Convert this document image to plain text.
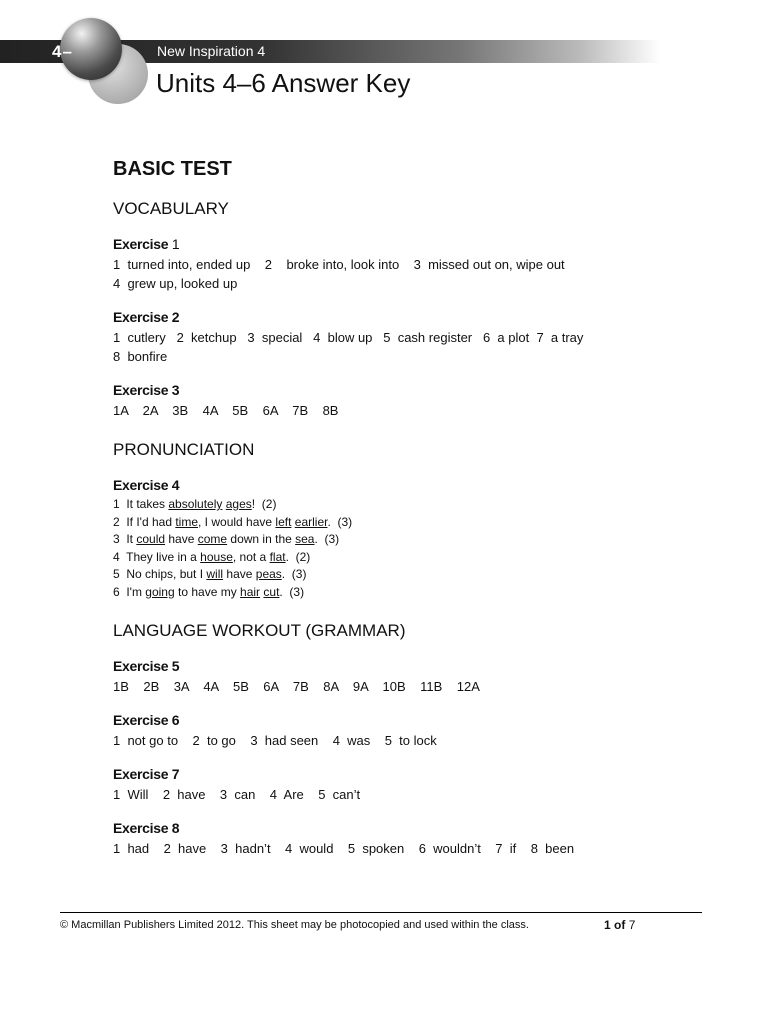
4–	New Inspiration 4
Units 4–6 Answer Key
BASIC TEST
VOCABULARY
Exercise 1
1  turned into, ended up    2    broke into, look into    3  missed out on, wipe out
4  grew up, looked up
Exercise 2
1  cutlery   2  ketchup   3  special   4  blow up   5  cash register   6  a plot  7  a tray
8  bonfire
Exercise 3
1A    2A    3B    4A    5B    6A    7B    8B
PRONUNCIATION
Exercise 4
1  It takes absolutely ages!  (2)
2  If I'd had time, I would have left earlier.  (3)
3  It could have come down in the sea.  (3)
4  They live in a house, not a flat.  (2)
5  No chips, but I will have peas.  (3)
6  I'm going to have my hair cut.  (3)
LANGUAGE WORKOUT (GRAMMAR)
Exercise 5
1B    2B    3A    4A    5B    6A    7B    8A    9A    10B    11B    12A
Exercise 6
1  not go to    2  to go    3  had seen    4  was    5  to lock
Exercise 7
1  Will    2  have    3  can    4  Are    5  can’t
Exercise 8
1  had    2  have    3  hadn’t    4  would    5  spoken    6  wouldn’t    7  if    8  been
© Macmillan Publishers Limited 2012. This sheet may be photocopied and used within the class.	1 of 7
